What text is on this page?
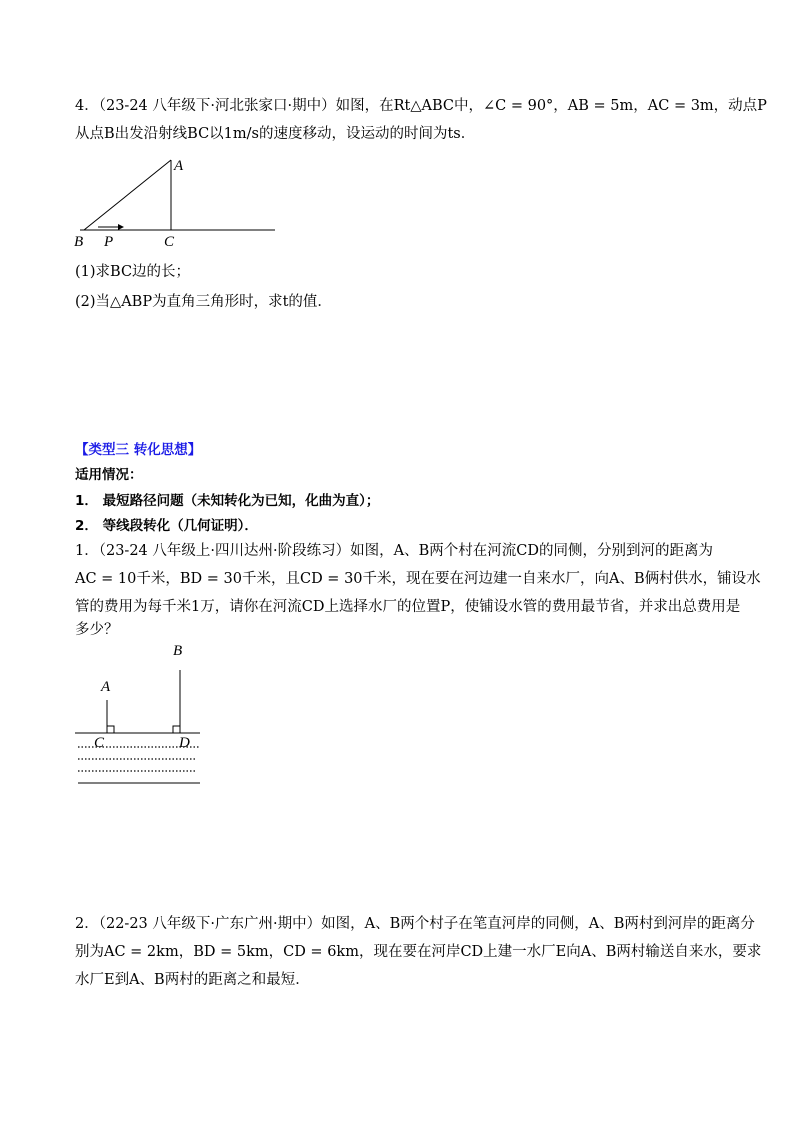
4．（23-24 八年级下·河北张家口·期中）如图，在Rt△ABC中，∠C = 90°，AB = 5m，AC = 3m，动点P
从点B出发沿射线BC以1m/s的速度移动，设运动的时间为ts．
A
B P	C
(1)求BC边的长；
(2)当△ABP为直角三角形时，求t的值．
【类型三 转化思想】
适用情况：
1． 最短路径问题（未知转化为已知，化曲为直）；
2． 等线段转化（几何证明）．
1．（23-24 八年级上·四川达州·阶段练习）如图，A、B两个村在河流CD的同侧，分别到河的距离为
AC = 10千米，BD = 30千米，且CD = 30千米，现在要在河边建一自来水厂，向A、B俩村供水，铺设水
管的费用为每千米1万，请你在河流CD上选择水厂的位置P，使铺设水管的费用最节省，并求出总费用是
多少？
B
A
C	D
2．（22-23 八年级下·广东广州·期中）如图，A、B两个村子在笔直河岸的同侧，A、B两村到河岸的距离分
别为AC = 2km，BD = 5km，CD = 6km，现在要在河岸CD上建一水厂E向A、B两村输送自来水，要求
水厂E到A、B两村的距离之和最短．
